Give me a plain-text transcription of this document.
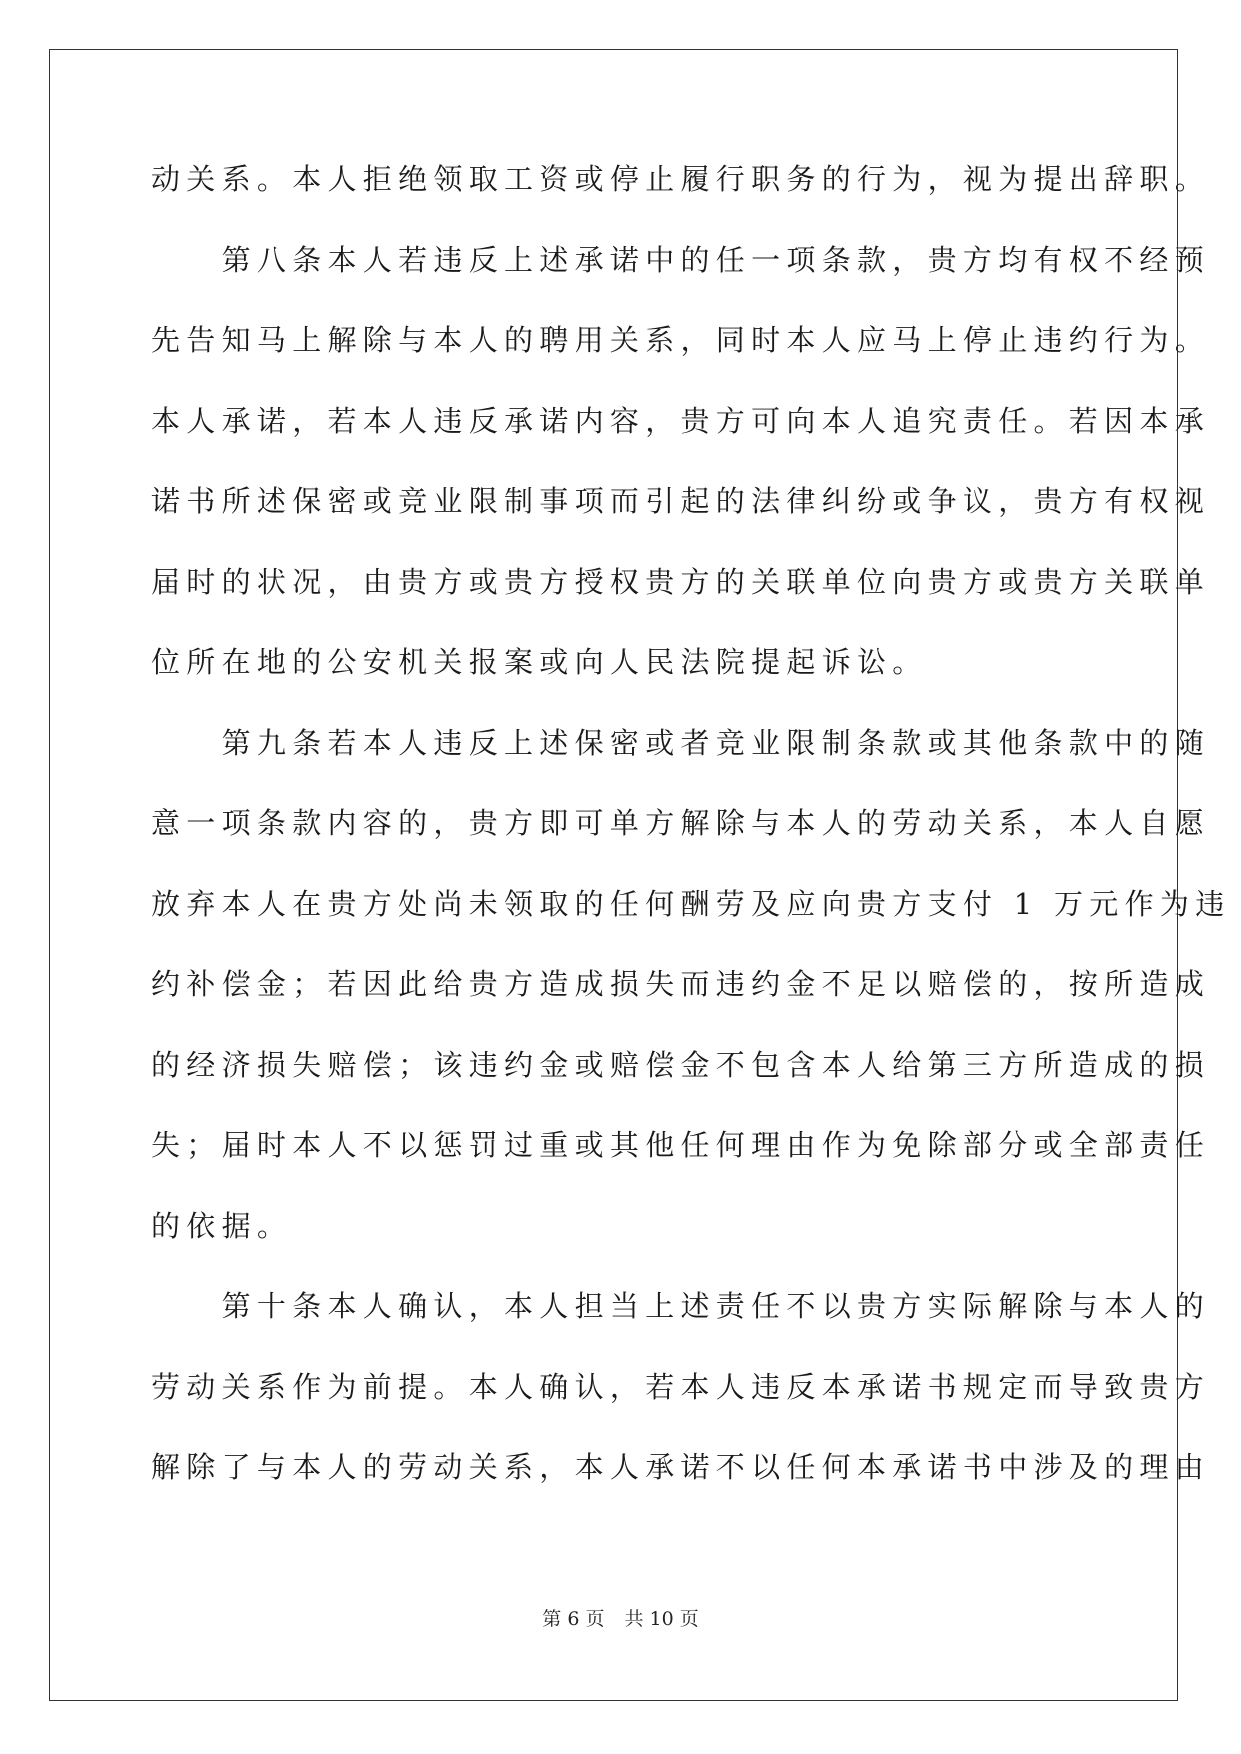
动关系。本人拒绝领取工资或停止履行职务的行为，视为提出辞职。
　　第八条本人若违反上述承诺中的任一项条款，贵方均有权不经预
先告知马上解除与本人的聘用关系，同时本人应马上停止违约行为。
本人承诺，若本人违反承诺内容，贵方可向本人追究责任。若因本承
诺书所述保密或竞业限制事项而引起的法律纠纷或争议，贵方有权视
届时的状况，由贵方或贵方授权贵方的关联单位向贵方或贵方关联单
位所在地的公安机关报案或向人民法院提起诉讼。
　　第九条若本人违反上述保密或者竞业限制条款或其他条款中的随
意一项条款内容的，贵方即可单方解除与本人的劳动关系，本人自愿
放弃本人在贵方处尚未领取的任何酬劳及应向贵方支付 1 万元作为违
约补偿金；若因此给贵方造成损失而违约金不足以赔偿的，按所造成
的经济损失赔偿；该违约金或赔偿金不包含本人给第三方所造成的损
失；届时本人不以惩罚过重或其他任何理由作为免除部分或全部责任
的依据。
　　第十条本人确认，本人担当上述责任不以贵方实际解除与本人的
劳动关系作为前提。本人确认，若本人违反本承诺书规定而导致贵方
解除了与本人的劳动关系，本人承诺不以任何本承诺书中涉及的理由
第 6 页 共 10 页
